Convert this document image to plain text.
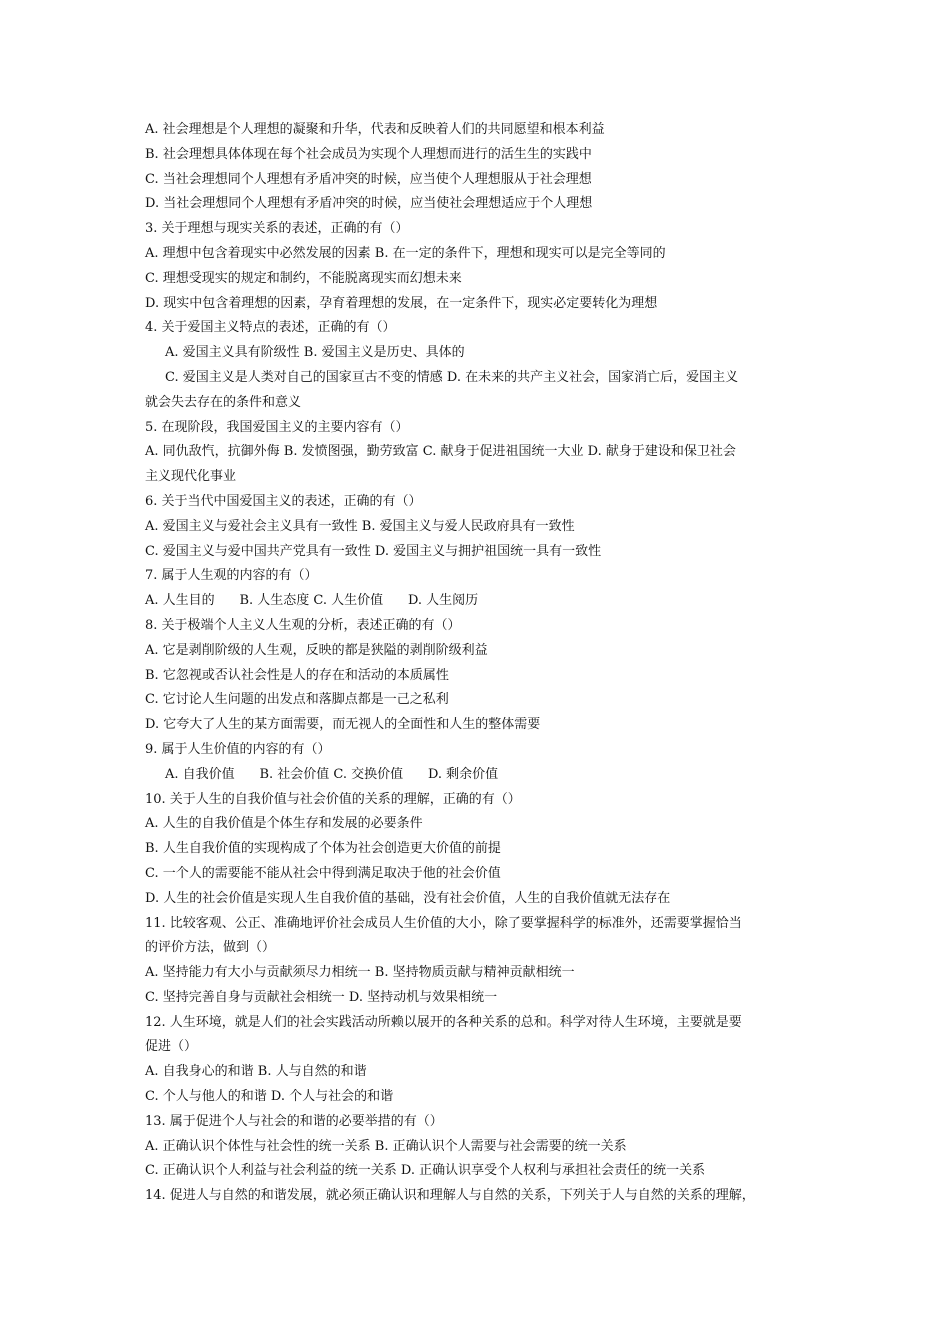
A. 社会理想是个人理想的凝聚和升华，代表和反映着人们的共同愿望和根本利益

B. 社会理想具体体现在每个社会成员为实现个人理想而进行的活生生的实践中

C. 当社会理想同个人理想有矛盾冲突的时候，应当使个人理想服从于社会理想

D. 当社会理想同个人理想有矛盾冲突的时候，应当使社会理想适应于个人理想

3. 关于理想与现实关系的表述，正确的有（）

A. 理想中包含着现实中必然发展的因素 B. 在一定的条件下，理想和现实可以是完全等同的

C. 理想受现实的规定和制约，不能脱离现实而幻想未来

D. 现实中包含着理想的因素，孕育着理想的发展，在一定条件下，现实必定要转化为理想

4. 关于爱国主义特点的表述，正确的有（）

A. 爱国主义具有阶级性 B. 爱国主义是历史、具体的

C. 爱国主义是人类对自己的国家亘古不变的情感 D. 在未来的共产主义社会，国家消亡后，爱国主义

就会失去存在的条件和意义

5. 在现阶段，我国爱国主义的主要内容有（）

A. 同仇敌忾，抗御外侮 B. 发愤图强，勤劳致富 C. 献身于促进祖国统一大业 D. 献身于建设和保卫社会

主义现代化事业

6. 关于当代中国爱国主义的表述，正确的有（）

A. 爱国主义与爱社会主义具有一致性 B. 爱国主义与爱人民政府具有一致性

C. 爱国主义与爱中国共产党具有一致性 D. 爱国主义与拥护祖国统一具有一致性

7. 属于人生观的内容的有（）

A. 人生目的      B. 人生态度 C. 人生价值      D. 人生阅历

8. 关于极端个人主义人生观的分析，表述正确的有（）

A. 它是剥削阶级的人生观，反映的都是狭隘的剥削阶级利益

B. 它忽视或否认社会性是人的存在和活动的本质属性

C. 它讨论人生问题的出发点和落脚点都是一己之私利

D. 它夸大了人生的某方面需要，而无视人的全面性和人生的整体需要

9. 属于人生价值的内容的有（）

A. 自我价值      B. 社会价值 C. 交换价值      D. 剩余价值

10. 关于人生的自我价值与社会价值的关系的理解，正确的有（）

A. 人生的自我价值是个体生存和发展的必要条件

B. 人生自我价值的实现构成了个体为社会创造更大价值的前提

C. 一个人的需要能不能从社会中得到满足取决于他的社会价值

D. 人生的社会价值是实现人生自我价值的基础，没有社会价值，人生的自我价值就无法存在

11. 比较客观、公正、准确地评价社会成员人生价值的大小，除了要掌握科学的标准外，还需要掌握恰当

的评价方法，做到（）

A. 坚持能力有大小与贡献须尽力相统一 B. 坚持物质贡献与精神贡献相统一

C. 坚持完善自身与贡献社会相统一 D. 坚持动机与效果相统一

12. 人生环境，就是人们的社会实践活动所赖以展开的各种关系的总和。科学对待人生环境，主要就是要

促进（）

A. 自我身心的和谐 B. 人与自然的和谐

C. 个人与他人的和谐 D. 个人与社会的和谐

13. 属于促进个人与社会的和谐的必要举措的有（）

A. 正确认识个体性与社会性的统一关系 B. 正确认识个人需要与社会需要的统一关系

C. 正确认识个人利益与社会利益的统一关系 D. 正确认识享受个人权利与承担社会责任的统一关系

14. 促进人与自然的和谐发展，就必须正确认识和理解人与自然的关系，下列关于人与自然的关系的理解，
